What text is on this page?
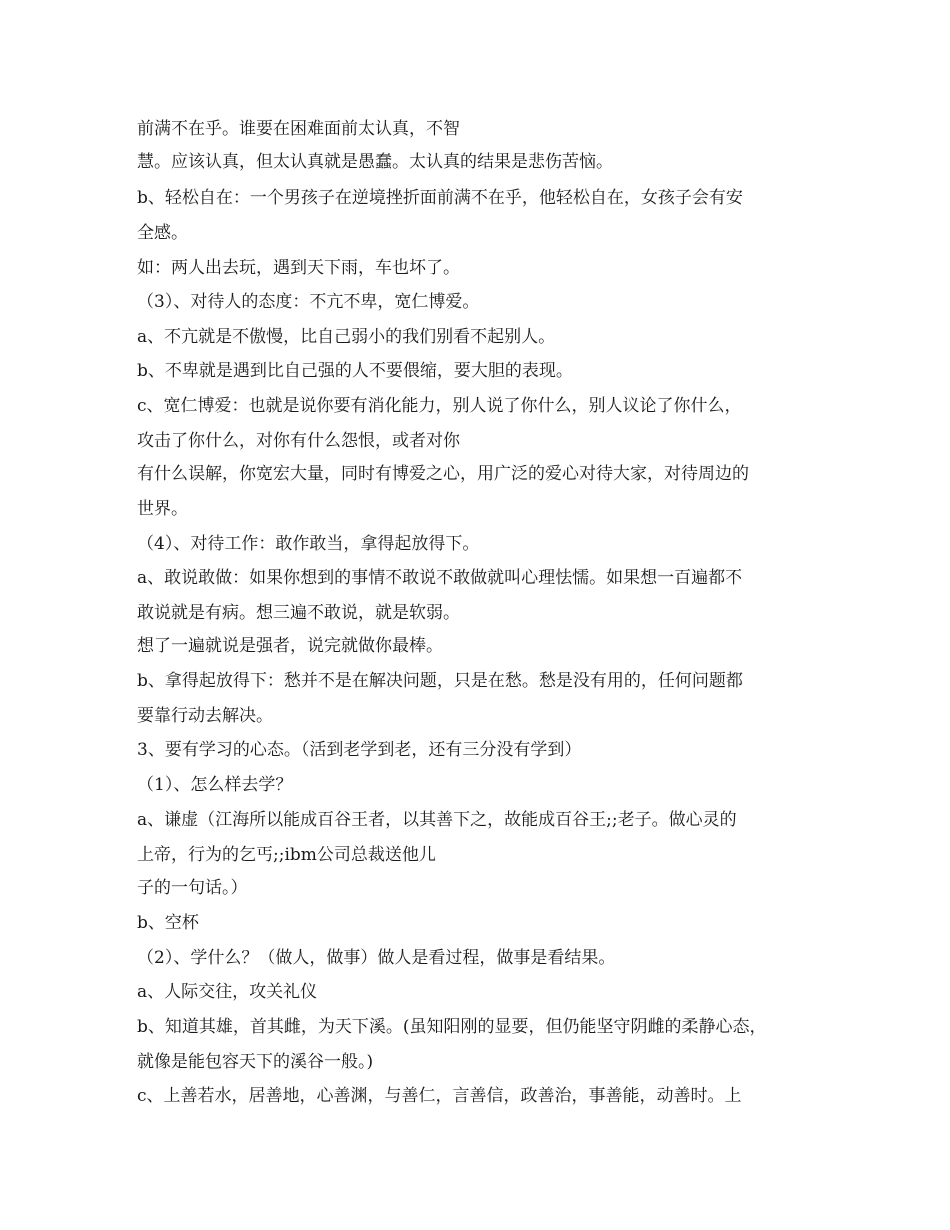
前满不在乎。谁要在困难面前太认真，不智
慧。应该认真，但太认真就是愚蠢。太认真的结果是悲伤苦恼。
b、轻松自在：一个男孩子在逆境挫折面前满不在乎，他轻松自在，女孩子会有安
全感。
如：两人出去玩，遇到天下雨，车也坏了。
（3）、对待人的态度：不亢不卑，宽仁博爱。
a、不亢就是不傲慢，比自己弱小的我们别看不起别人。
b、不卑就是遇到比自己强的人不要偎缩，要大胆的表现。
c、宽仁博爱：也就是说你要有消化能力，别人说了你什么，别人议论了你什么，
攻击了你什么，对你有什么怨恨，或者对你
有什么误解，你宽宏大量，同时有博爱之心，用广泛的爱心对待大家，对待周边的
世界。
（4）、对待工作：敢作敢当，拿得起放得下。
a、敢说敢做：如果你想到的事情不敢说不敢做就叫心理怯懦。如果想一百遍都不
敢说就是有病。想三遍不敢说，就是软弱。
想了一遍就说是强者，说完就做你最棒。
b、拿得起放得下：愁并不是在解决问题，只是在愁。愁是没有用的，任何问题都
要靠行动去解决。
3、要有学习的心态。（活到老学到老，还有三分没有学到）
（1）、怎么样去学？
a、谦虚（江海所以能成百谷王者，以其善下之，故能成百谷王;;老子。做心灵的
上帝，行为的乞丐;;ibm公司总裁送他儿
子的一句话。）
b、空杯
（2）、学什么？（做人，做事）做人是看过程，做事是看结果。
a、人际交往，攻关礼仪
b、知道其雄，首其雌，为天下溪。(虽知阳刚的显要，但仍能坚守阴雌的柔静心态，
就像是能包容天下的溪谷一般。)
c、上善若水，居善地，心善渊，与善仁，言善信，政善治，事善能，动善时。上
